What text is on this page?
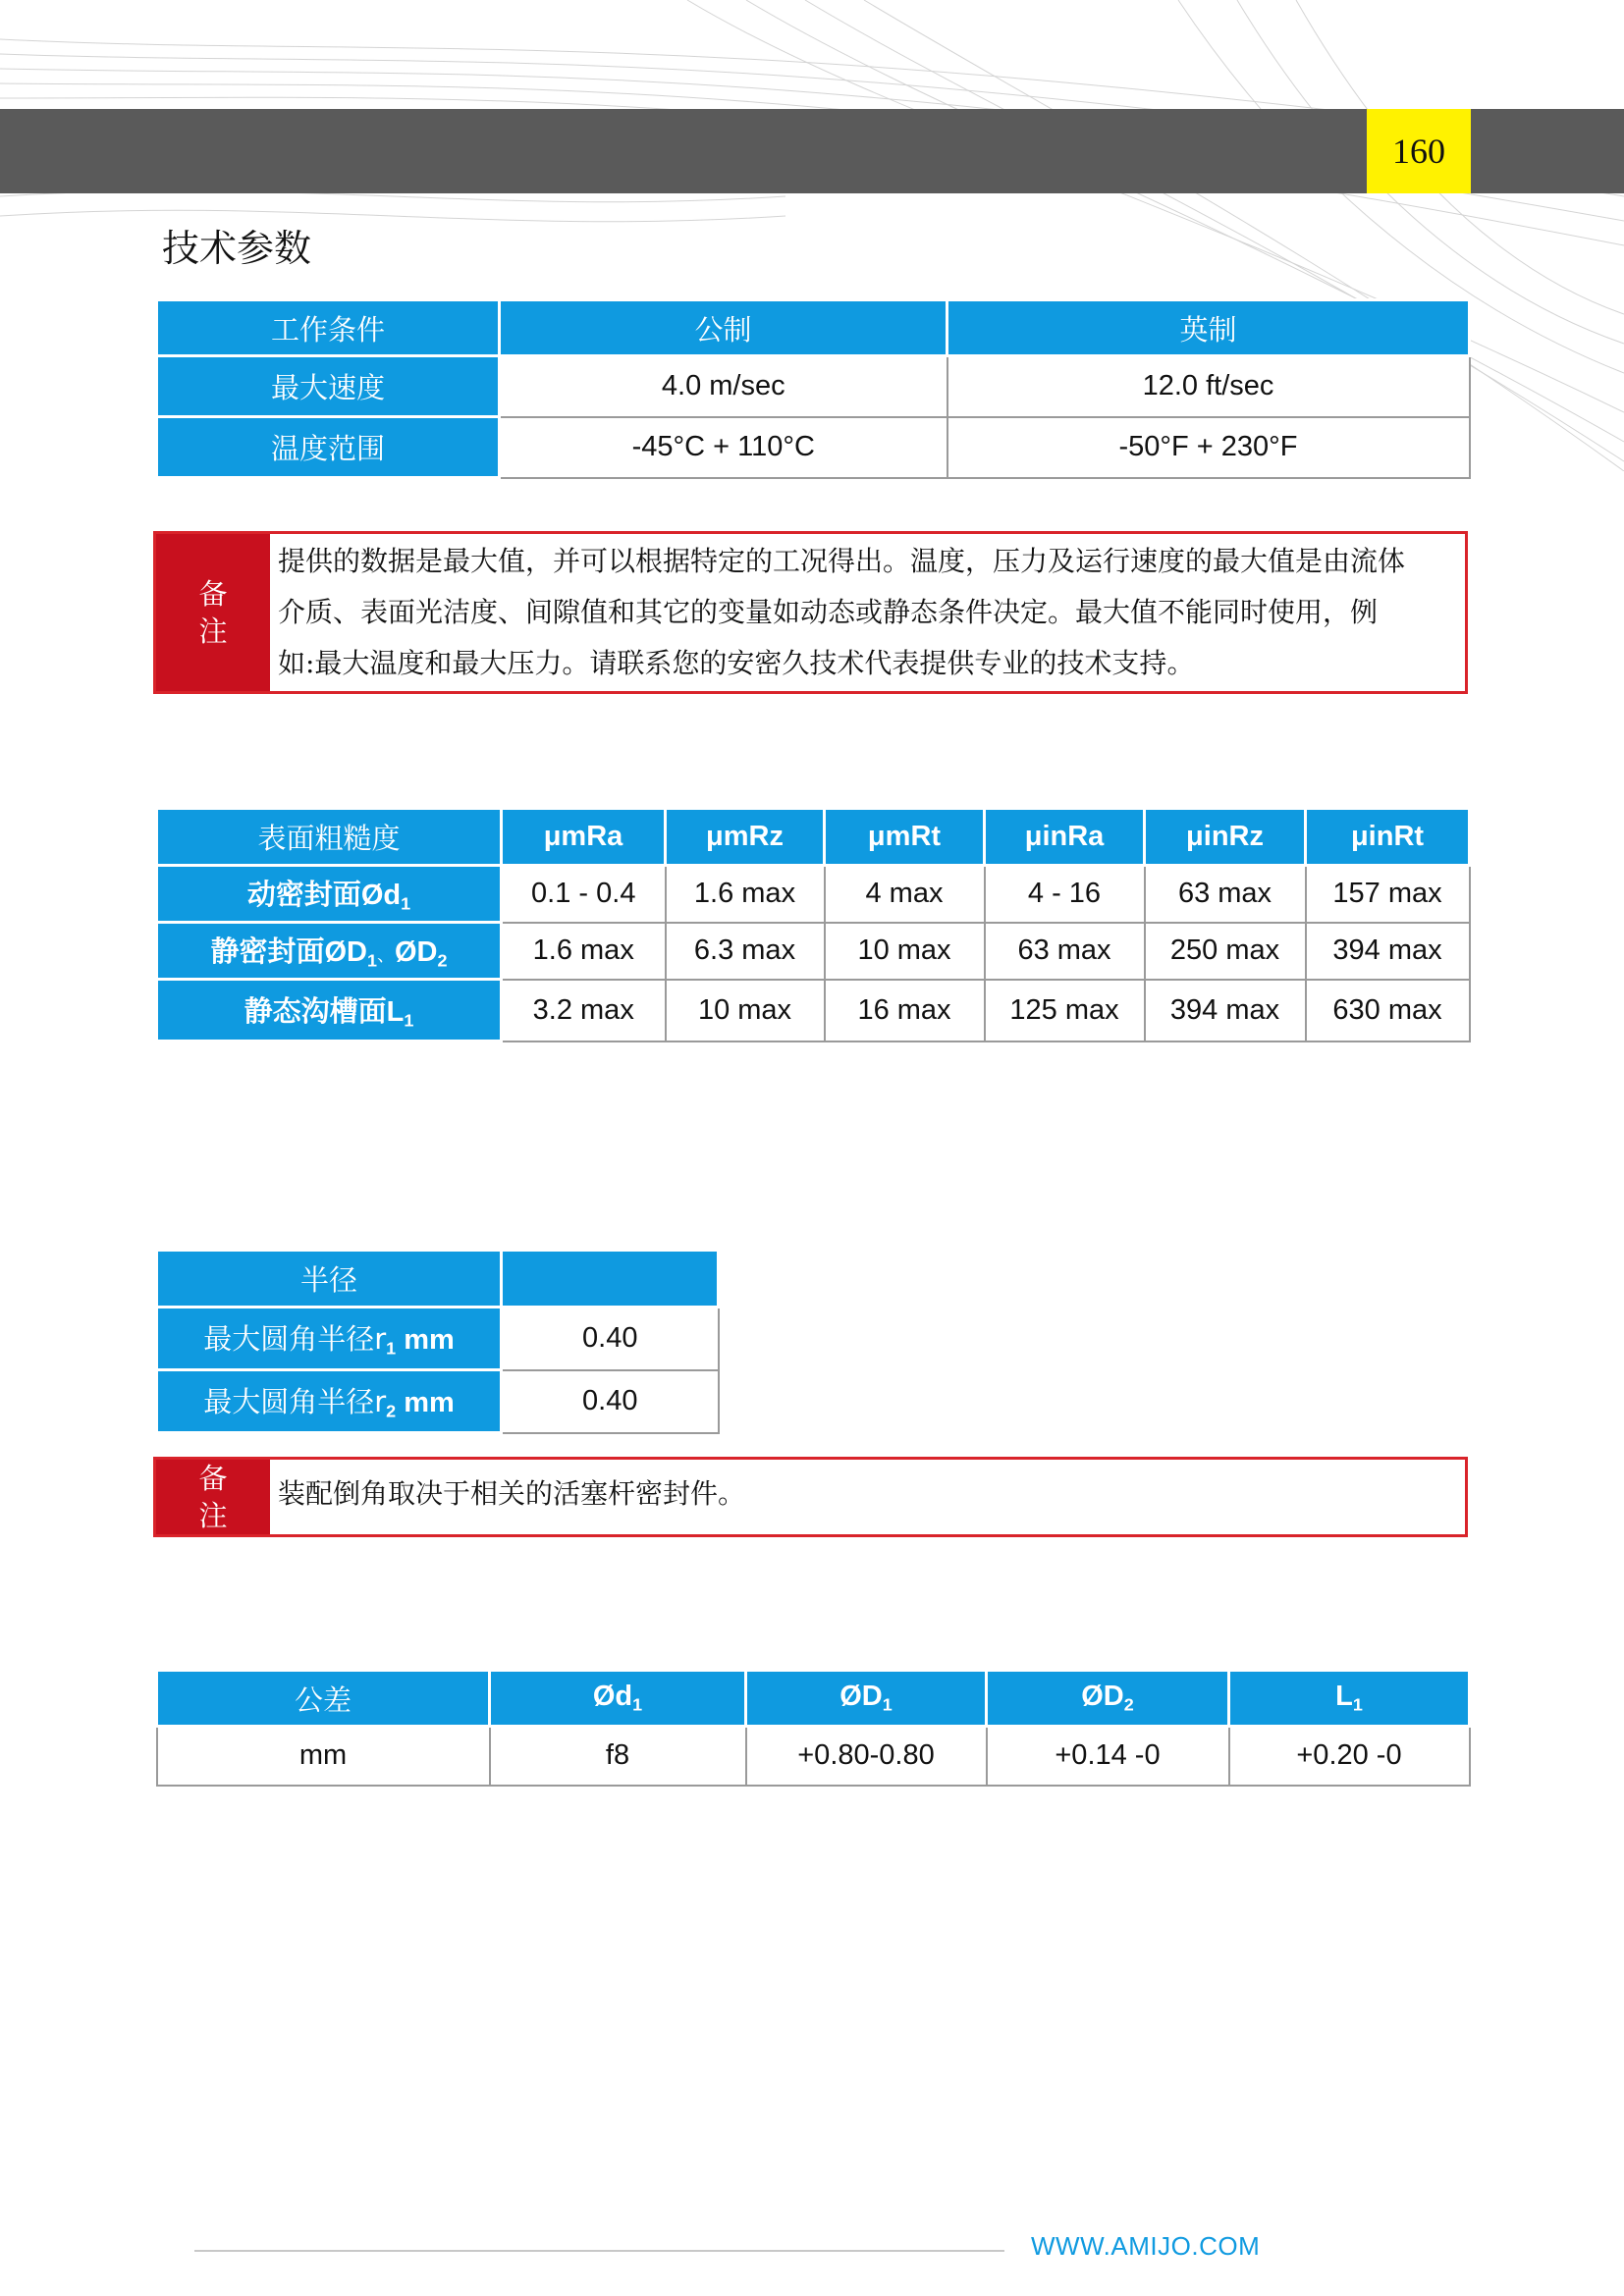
160
技术参数
工作条件	公制	英制
最大速度	4.0 m/sec	12.0 ft/sec
温度范围	-45°C + 110°C	-50°F + 230°F
备
注
提供的数据是最大值，并可以根据特定的工况得出。温度，压力及运行速度的最大值是由流体
介质、表面光洁度、间隙值和其它的变量如动态或静态条件决定。最大值不能同时使用，例
如:最大温度和最大压力。请联系您的安密久技术代表提供专业的技术支持。
表面粗糙度	μmRa	μmRz	μmRt	μinRa	μinRz	μinRt
动密封面$Ød_1$	0.1 - 0.4	1.6 max	4 max	4 - 16	63 max	157 max
静密封面$ØD_1$、$ØD_2$	1.6 max	6.3 max	10 max	63 max	250 max	394 max
静态沟槽面$L_1$	3.2 max	10 max	16 max	125 max	394 max	630 max
半径	
最大圆角半径$r_1$ mm	0.40
最大圆角半径$r_2$ mm	0.40
备
注
装配倒角取决于相关的活塞杆密封件。
公差	$Ød_1$	$ØD_1$	$ØD_2$	$L_1$
mm	f8	+0.80-0.80	+0.14 -0	+0.20 -0
WWW.AMIJO.COM
